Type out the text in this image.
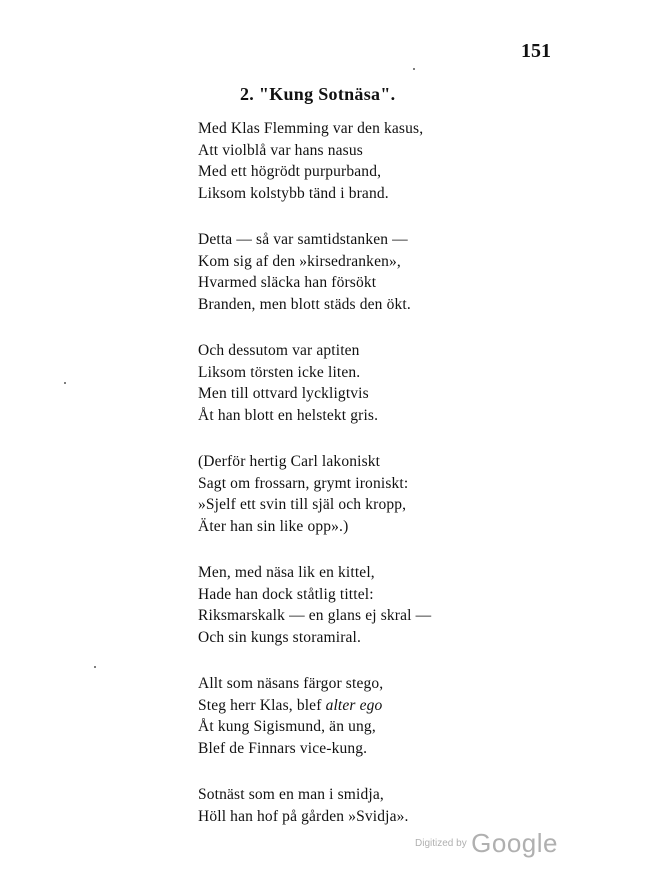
151
2. "Kung Sotnäsa".
Med Klas Flemming var den kasus,
Att violblå var hans nasus
Med ett högrödt purpurband,
Liksom kolstybb tänd i brand.
Detta — så var samtidstanken —
Kom sig af den »kirsedranken»,
Hvarmed släcka han försökt
Branden, men blott städs den ökt.
Och dessutom var aptiten
Liksom törsten icke liten.
Men till ottvard lyckligtvis
Åt han blott en helstekt gris.
(Derför hertig Carl lakoniskt
Sagt om frossarn, grymt ironiskt:
»Sjelf ett svin till själ och kropp,
Äter han sin like opp».)
Men, med näsa lik en kittel,
Hade han dock ståtlig tittel:
Riksmarskalk — en glans ej skral —
Och sin kungs storamiral.
Allt som näsans färgor stego,
Steg herr Klas, blef alter ego
Åt kung Sigismund, än ung,
Blef de Finnars vice-kung.
Sotnäst som en man i smidja,
Höll han hof på gården »Svidja».
Digitized by Google
